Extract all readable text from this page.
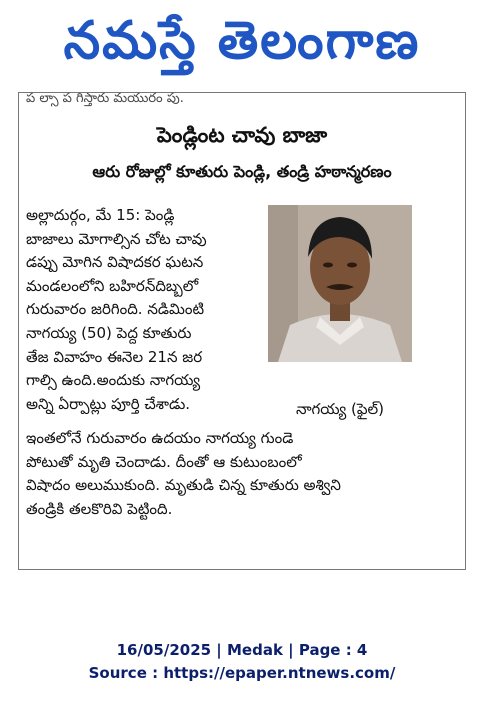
నమస్తే తెలంగాణ
ప ల్సా ప గిస్తారు మయురం పు.
పెండ్లింట చావు బాజా
ఆరు రోజుల్లో కూతురు పెండ్లి, తండ్రి హఠాన్మరణం
అల్లాదుర్గం, మే 15: పెండ్లి
బాజాలు మోగాల్సిన చోట చావు
డప్పు మోగిన విషాదకర ఘటన
మండలంలోని బహిరన్‌దిబ్బలో
గురువారం జరిగింది. నడిమింటి
నాగయ్య (50) పెద్ద కూతురు
తేజ వివాహం ఈనెల 21న జర
గాల్సి ఉంది.అందుకు నాగయ్య
అన్ని ఏర్పాట్లు పూర్తి చేశాడు.	నాగయ్య (ఫైల్)
ఇంతలోనే గురువారం ఉదయం నాగయ్య గుండె
పోటుతో మృతి చెందాడు. దీంతో ఆ కుటుంబంలో
విషాదం అలుముకుంది. మృతుడి చిన్న కూతురు అశ్విని
తండ్రికి తలకొరివి పెట్టింది.
16/05/2025 | Medak | Page : 4
Source : https://epaper.ntnews.com/
